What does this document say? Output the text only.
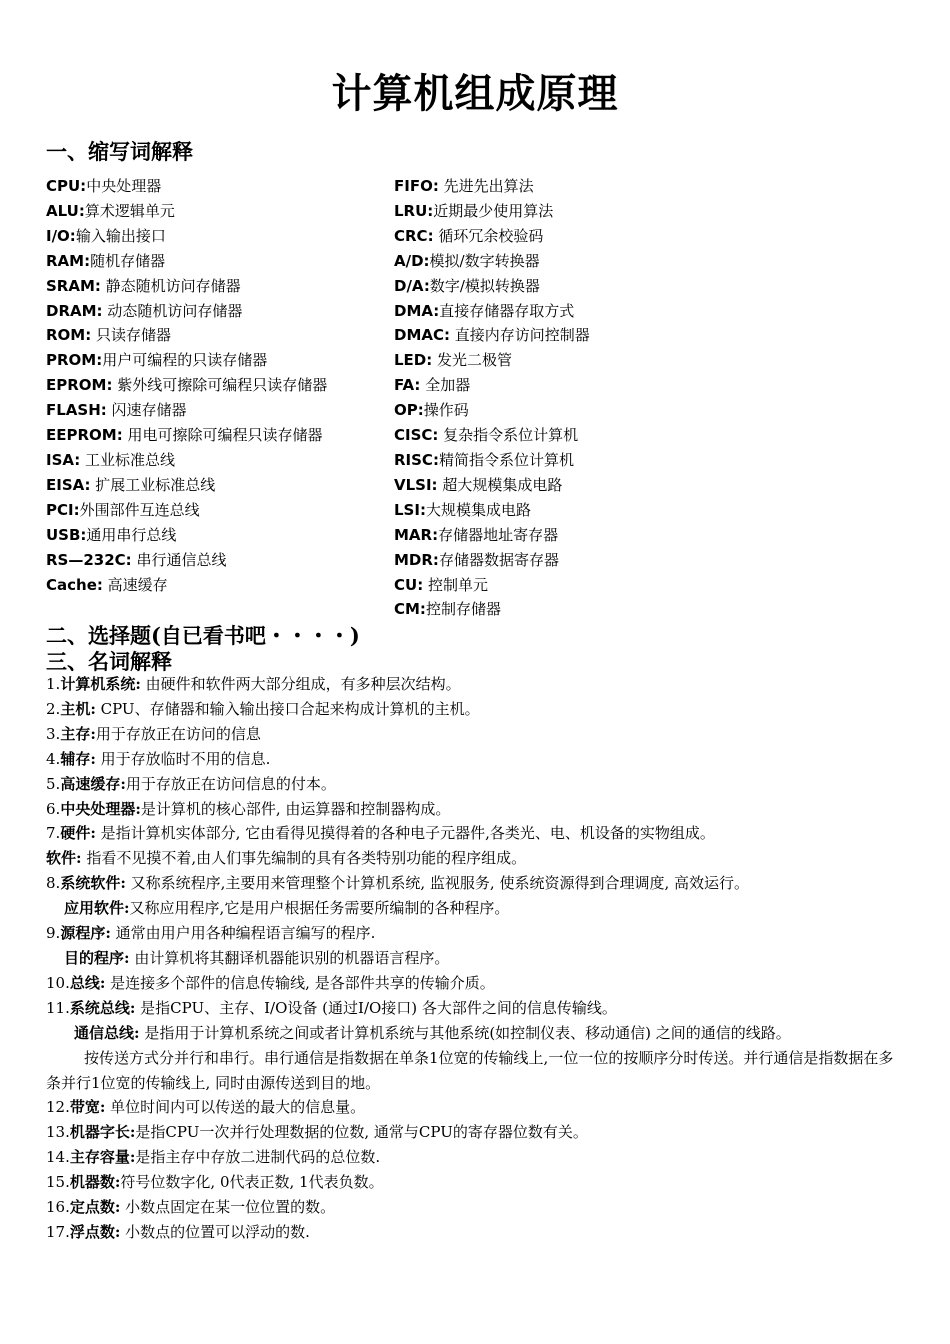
计算机组成原理
一、缩写词解释
CPU:中央处理器
ALU:算术逻辑单元
I/O:输入输出接口
RAM:随机存储器
SRAM: 静态随机访问存储器
DRAM: 动态随机访问存储器
ROM: 只读存储器
PROM:用户可编程的只读存储器
EPROM: 紫外线可擦除可编程只读存储器
FLASH: 闪速存储器
EEPROM: 用电可擦除可编程只读存储器
ISA: 工业标准总线
EISA: 扩展工业标准总线
PCI:外围部件互连总线
USB:通用串行总线
RS—232C: 串行通信总线
Cache: 高速缓存
FIFO: 先进先出算法
LRU:近期最少使用算法
CRC: 循环冗余校验码
A/D:模拟/数字转换器
D/A:数字/模拟转换器
DMA:直接存储器存取方式
DMAC: 直接内存访问控制器
LED: 发光二极管
FA: 全加器
OP:操作码
CISC: 复杂指令系位计算机
RISC:精简指令系位计算机
VLSI: 超大规模集成电路
LSI:大规模集成电路
MAR:存储器地址寄存器
MDR:存储器数据寄存器
CU: 控制单元
CM:控制存储器
二、选择题(自已看书吧・・・・)
三、名词解释

1.计算机系统: 由硬件和软件两大部分组成，有多种层次结构。

2.主机: CPU、存储器和输入输出接口合起来构成计算机的主机。

3.主存:用于存放正在访问的信息

4.辅存: 用于存放临时不用的信息.

5.高速缓存:用于存放正在访问信息的付本。

6.中央处理器:是计算机的核心部件, 由运算器和控制器构成。

7.硬件: 是指计算机实体部分, 它由看得见摸得着的各种电子元器件,各类光、电、机设备的实物组成。

软件: 指看不见摸不着,由人们事先编制的具有各类特别功能的程序组成。

8.系统软件: 又称系统程序,主要用来管理整个计算机系统, 监视服务, 使系统资源得到合理调度, 高效运行。

应用软件:又称应用程序,它是用户根据任务需要所编制的各种程序。

9.源程序: 通常由用户用各种编程语言编写的程序.

目的程序: 由计算机将其翻译机器能识别的机器语言程序。

10.总线: 是连接多个部件的信息传输线, 是各部件共享的传输介质。

11.系统总线: 是指CPU、主存、I/O设备 (通过I/O接口) 各大部件之间的信息传输线。

通信总线: 是指用于计算机系统之间或者计算机系统与其他系统(如控制仪表、移动通信) 之间的通信的线路。

按传送方式分并行和串行。串行通信是指数据在单条1位宽的传输线上,一位一位的按顺序分时传送。并行通信是指数据在多条并行1位宽的传输线上, 同时由源传送到目的地。

12.带宽: 单位时间内可以传送的最大的信息量。

13.机器字长:是指CPU一次并行处理数据的位数, 通常与CPU的寄存器位数有关。

14.主存容量:是指主存中存放二进制代码的总位数.

15.机器数:符号位数字化, 0代表正数, 1代表负数。

16.定点数: 小数点固定在某一位位置的数。

17.浮点数: 小数点的位置可以浮动的数.
